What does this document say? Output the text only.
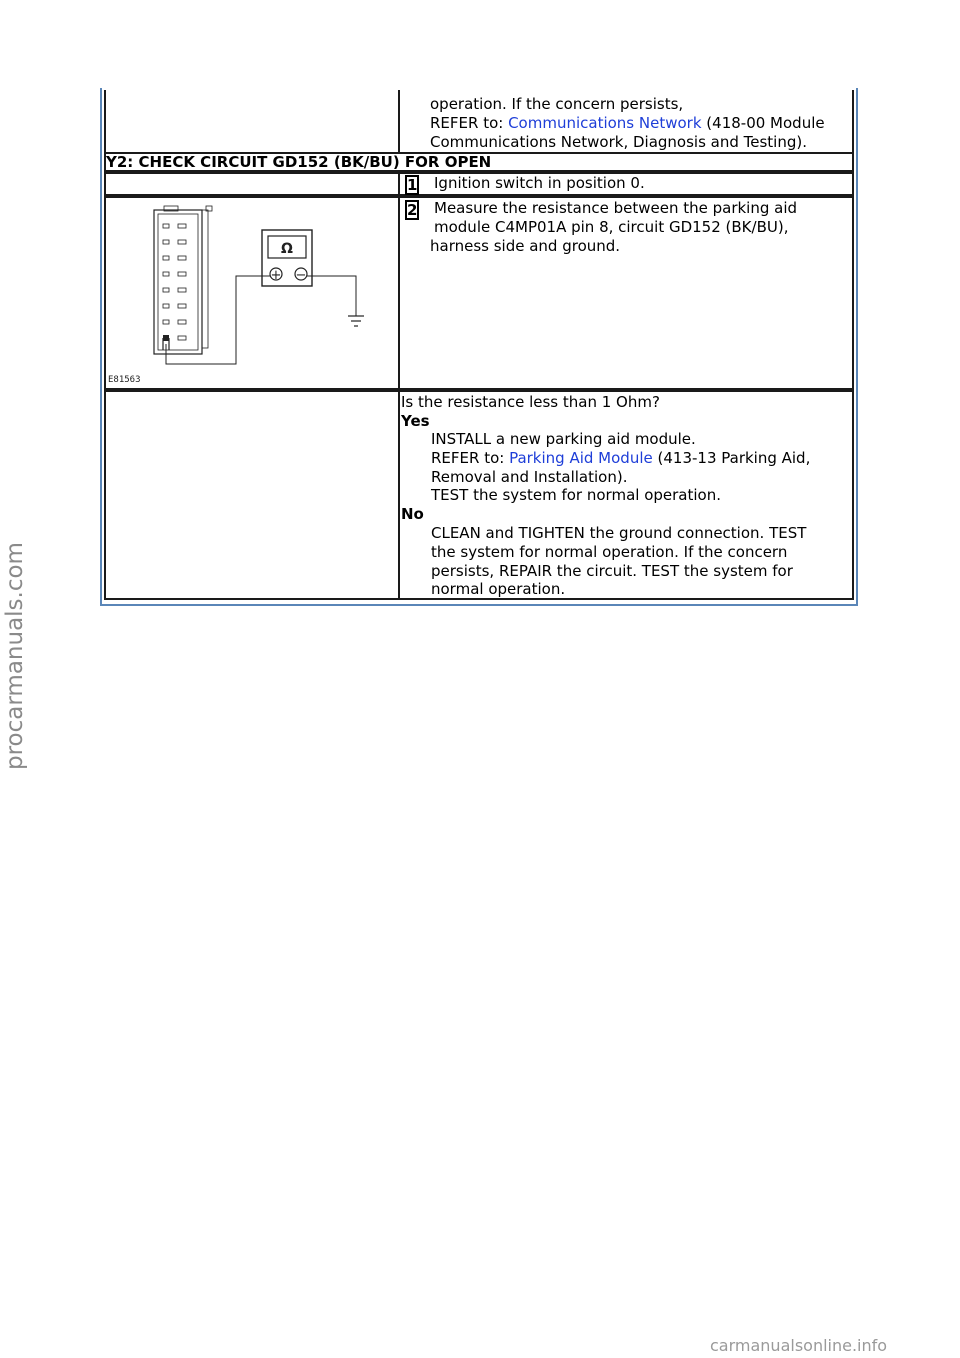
operation. If the concern persists,
REFER to: Communications Network (418-00 Module
Communications Network, Diagnosis and Testing).
Y2: CHECK CIRCUIT GD152 (BK/BU) FOR OPEN
1 Ignition switch in position 0.
2 Measure the resistance between the parking aid
module C4MP01A pin 8, circuit GD152 (BK/BU),
harness side and ground.
Ω
+ −
E81563
Is the resistance less than 1 Ohm?
Yes
INSTALL a new parking aid module.
REFER to: Parking Aid Module (413-13 Parking Aid,
Removal and Installation).
TEST the system for normal operation.
No
CLEAN and TIGHTEN the ground connection. TEST
the system for normal operation. If the concern
persists, REPAIR the circuit. TEST the system for
normal operation.
procarmanuals.com
carmanualsonline.info
